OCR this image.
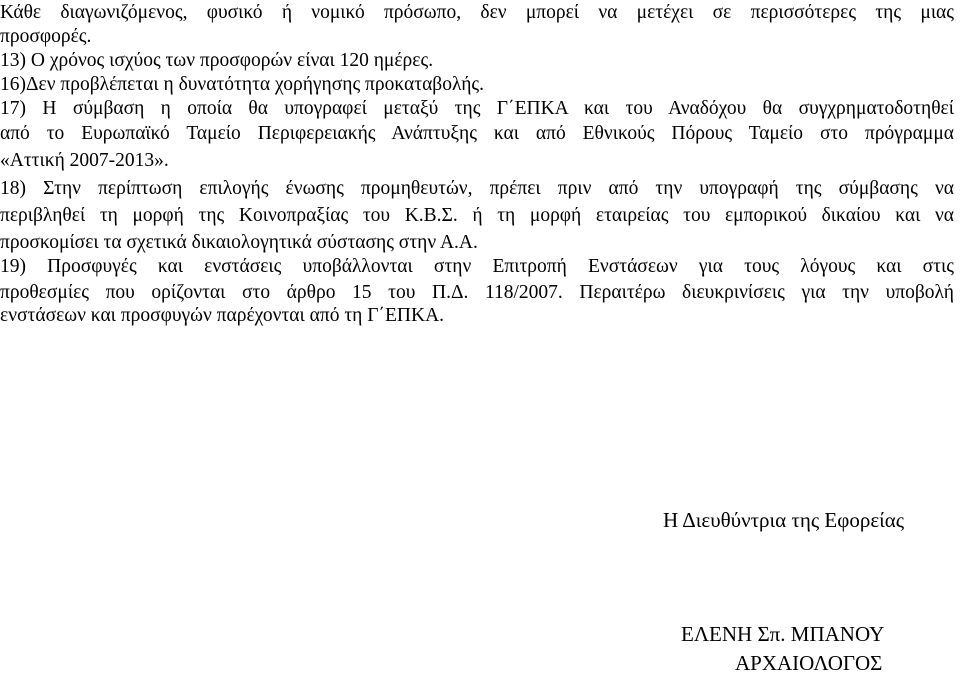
Κάθε διαγωνιζόμενος, φυσικό ή νομικό πρόσωπο, δεν μπορεί να μετέχει σε περισσότερες της μιας
προσφορές.
13) Ο χρόνος ισχύος των προσφορών είναι 120 ημέρες.
16)Δεν προβλέπεται η δυνατότητα χορήγησης προκαταβολής.
17) Η σύμβαση η οποία θα υπογραφεί μεταξύ της Γ΄ΕΠΚΑ και του Αναδόχου θα συγχρηματοδοτηθεί
από το Ευρωπαϊκό Ταμείο Περιφερειακής Ανάπτυξης και από Εθνικούς Πόρους Ταμείο στο πρόγραμμα
«Αττική 2007-2013».
18) Στην περίπτωση επιλογής ένωσης προμηθευτών, πρέπει πριν από την υπογραφή της σύμβασης να
περιβληθεί τη μορφή της Κοινοπραξίας του Κ.Β.Σ. ή τη μορφή εταιρείας του εμπορικού δικαίου και να
προσκομίσει τα σχετικά δικαιολογητικά σύστασης στην Α.Α.
19) Προσφυγές και ενστάσεις υποβάλλονται στην Επιτροπή Ενστάσεων για τους λόγους και στις
προθεσμίες που ορίζονται στο άρθρο 15 του Π.Δ. 118/2007. Περαιτέρω διευκρινίσεις για την υποβολή
ενστάσεων και προσφυγών παρέχονται από τη Γ΄ΕΠΚΑ.
Η Διευθύντρια της Εφορείας
ΕΛΕΝΗ Σπ. ΜΠΑΝΟΥ
ΑΡΧΑΙΟΛΟΓΟΣ
